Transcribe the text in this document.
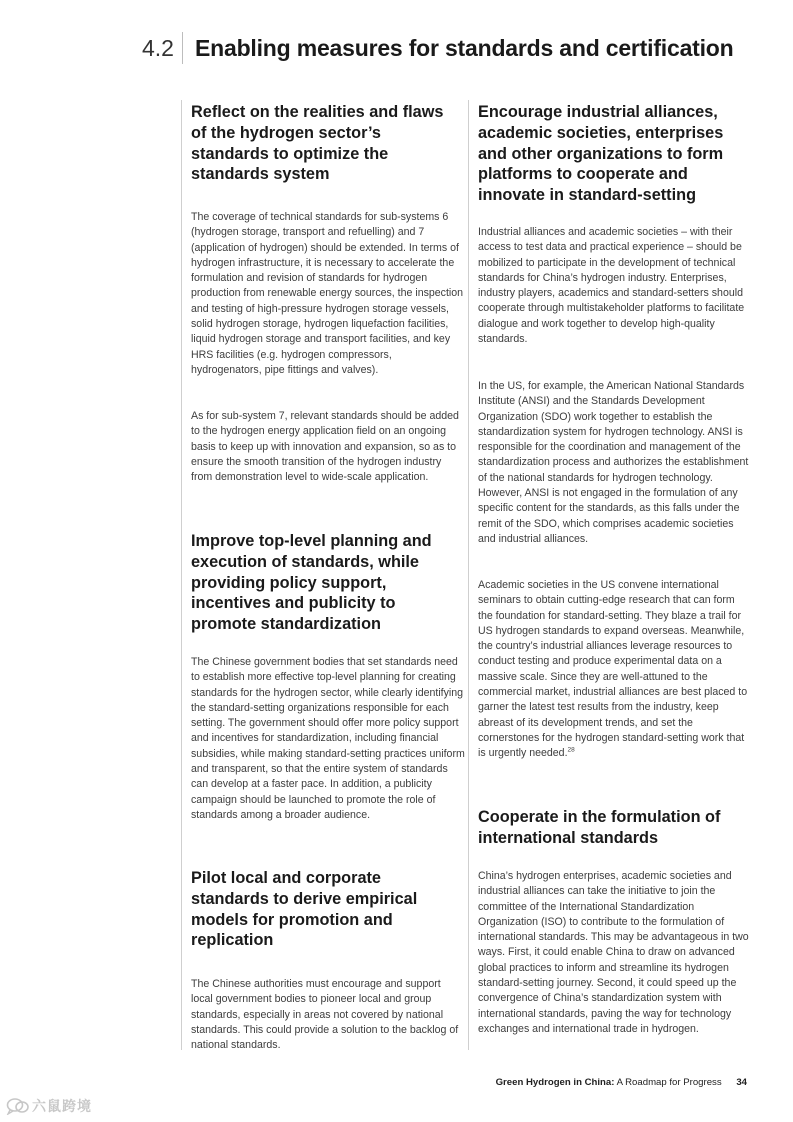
4.2 Enabling measures for standards and certification
Reflect on the realities and flaws of the hydrogen sector’s standards to optimize the standards system

The coverage of technical standards for sub-systems 6 (hydrogen storage, transport and refuelling) and 7 (application of hydrogen) should be extended. In terms of hydrogen infrastructure, it is necessary to accelerate the formulation and revision of standards for hydrogen production from renewable energy sources, the inspection and testing of high-pressure hydrogen storage vessels, solid hydrogen storage, hydrogen liquefaction facilities, liquid hydrogen storage and transport facilities, and key HRS facilities (e.g. hydrogen compressors, hydrogenators, pipe fittings and valves).

As for sub-system 7, relevant standards should be added to the hydrogen energy application field on an ongoing basis to keep up with innovation and expansion, so as to ensure the smooth transition of the hydrogen industry from demonstration level to wide-scale application.

Improve top-level planning and execution of standards, while providing policy support, incentives and publicity to promote standardization

The Chinese government bodies that set standards need to establish more effective top-level planning for creating standards for the hydrogen sector, while clearly identifying the standard-setting organizations responsible for each setting. The government should offer more policy support and incentives for standardization, including financial subsidies, while making standard-setting practices uniform and transparent, so that the entire system of standards can develop at a faster pace. In addition, a publicity campaign should be launched to promote the role of standards among a broader audience.

Pilot local and corporate standards to derive empirical models for promotion and replication

The Chinese authorities must encourage and support local government bodies to pioneer local and group standards, especially in areas not covered by national standards. This could provide a solution to the backlog of national standards.

Encourage industrial alliances, academic societies, enterprises and other organizations to form platforms to cooperate and innovate in standard-setting

Industrial alliances and academic societies – with their access to test data and practical experience – should be mobilized to participate in the development of technical standards for China’s hydrogen industry. Enterprises, industry players, academics and standard-setters should cooperate through multistakeholder platforms to facilitate dialogue and work together to develop high-quality standards.

In the US, for example, the American National Standards Institute (ANSI) and the Standards Development Organization (SDO) work together to establish the standardization system for hydrogen technology. ANSI is responsible for the coordination and management of the standardization process and authorizes the establishment of the national standards for hydrogen technology. However, ANSI is not engaged in the formulation of any specific content for the standards, as this falls under the remit of the SDO, which comprises academic societies and industrial alliances.

Academic societies in the US convene international seminars to obtain cutting-edge research that can form the foundation for standard-setting. They blaze a trail for US hydrogen standards to expand overseas. Meanwhile, the country’s industrial alliances leverage resources to conduct testing and produce experimental data on a massive scale. Since they are well-attuned to the commercial market, industrial alliances are best placed to garner the latest test results from the industry, keep abreast of its development trends, and set the cornerstones for the hydrogen standard-setting work that is urgently needed.$^{28}$

Cooperate in the formulation of international standards

China’s hydrogen enterprises, academic societies and industrial alliances can take the initiative to join the committee of the International Standardization Organization (ISO) to contribute to the formulation of international standards. This may be advantageous in two ways. First, it could enable China to draw on advanced global practices to inform and streamline its hydrogen standard-setting journey. Second, it could speed up the convergence of China’s standardization system with international standards, paving the way for technology exchanges and international trade in hydrogen.

Green Hydrogen in China: A Roadmap for Progress 34
六鼠跨境
